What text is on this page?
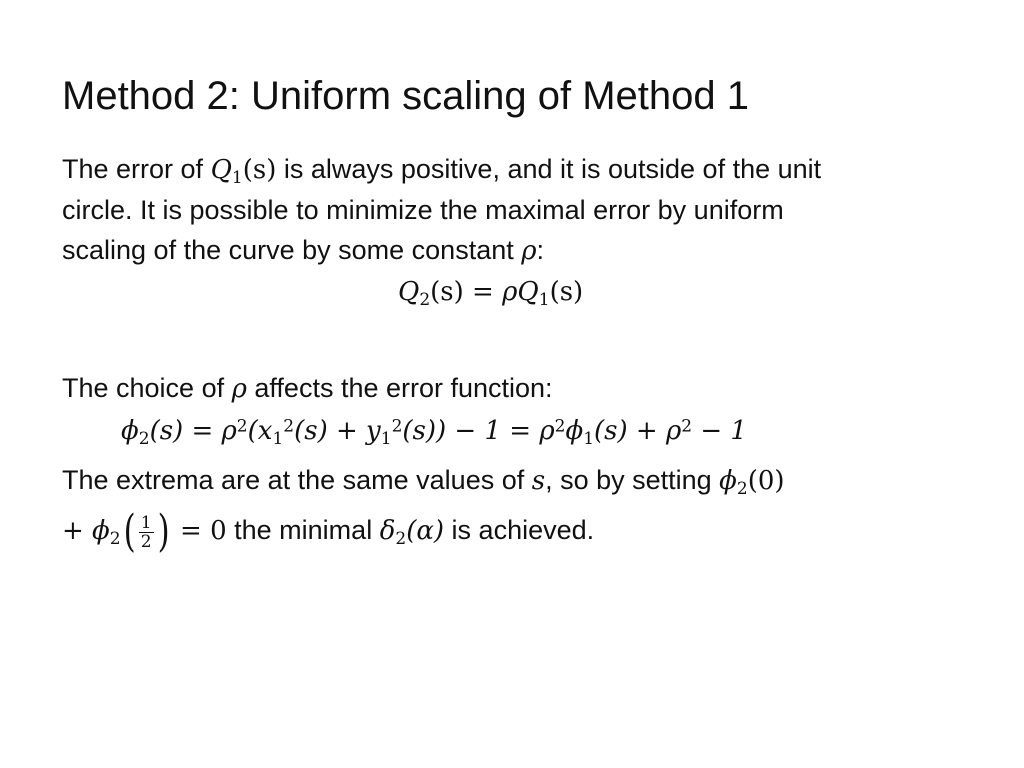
Method 2: Uniform scaling of Method 1
The error of $Q_1(s)$ is always positive, and it is outside of the unit
circle. It is possible to minimize the maximal error by uniform
scaling of the curve by some constant ρ:
$Q_2(s) = \rho Q_1(s)$
The choice of ρ affects the error function:
$\phi_2(s) = \rho^2(x_1^2(s) + y_1^2(s)) - 1 = \rho^2\phi_1(s) + \rho^2 - 1$
The extrema are at the same values of s, so by setting $\phi_2(0)$
+ $\phi_2( \frac{1}{2}$ ) = 0 the minimal $\delta_2(\alpha)$ is achieved.
